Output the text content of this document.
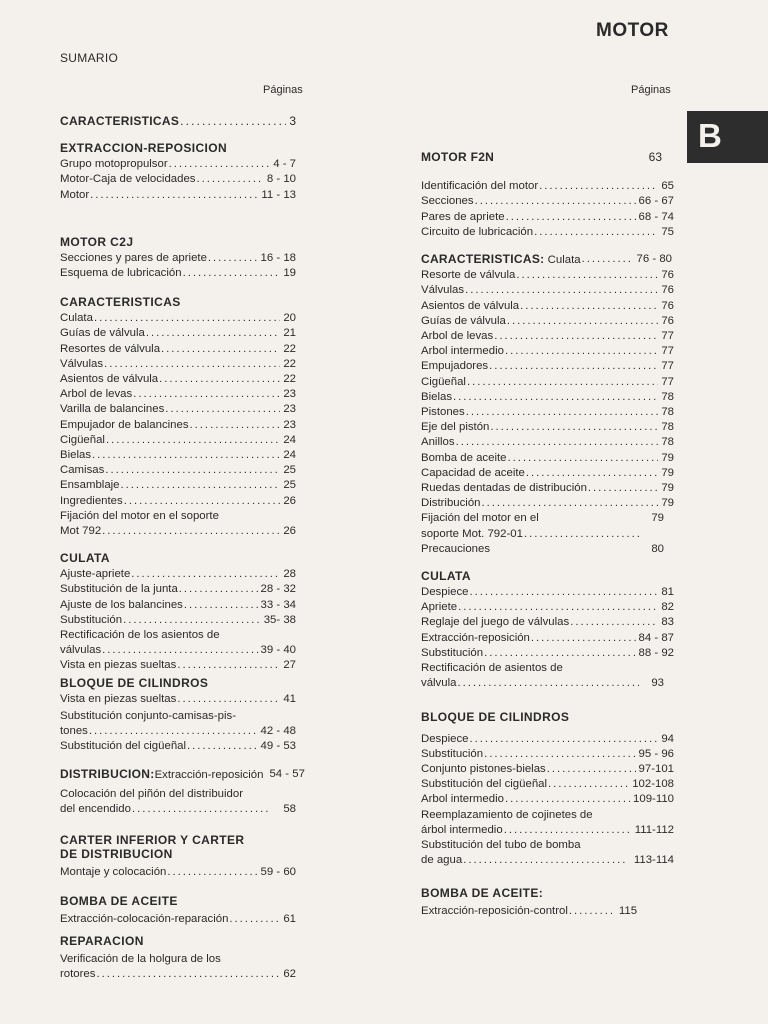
MOTOR
B
SUMARIO
Páginas	Páginas
CARACTERISTICAS . . .	3
EXTRACCION-REPOSICION
Grupo motopropulsor . . .	4 - 7
Motor-Caja de velocidades . . .	8 - 10
Motor . . .	11 - 13
MOTOR C2J
Secciones y pares de apriete . . .	16 - 18
Esquema de lubricación . . .	19
CARACTERISTICAS
Culata . . .	20
Guías de válvula . . .	21
Resortes de válvula . . .	22
Válvulas . . .	22
Asientos de válvula . . .	22
Arbol de levas . . .	23
Varilla de balancines . . .	23
Empujador de balancines . . .	23
Cigüeñal . . .	24
Bielas . . .	24
Camisas . . .	25
Ensamblaje . . .	25
Ingredientes . . .	26
Fijación del motor en el soporte
Mot 792 . . .	26
CULATA
Ajuste-apriete . . .	28
Substitución de la junta . . .	28 - 32
Ajuste de los balancines . . .	33 - 34
Substitución . . .	35- 38
Rectificación de los asientos de
válvulas . . .	39 - 40
Vista en piezas sueltas . . .	27
BLOQUE DE CILINDROS
Vista en piezas sueltas . . .	41
Substitución conjunto-camisas-pis-
tones . . .	42 - 48
Substitución del cigüeñal . . .	49 - 53
DISTRIBUCION:Extracción-reposición 54 - 57
Colocación del piñón del distribuidor
del encendido . . .	58
CARTER INFERIOR Y CARTER
DE DISTRIBUCION
Montaje y colocación . . .	59 - 60
BOMBA DE ACEITE
Extracción-colocación-reparación . . .	61
REPARACION
Verificación de la holgura de los
rotores . . .	62
MOTOR F2N	63
Identificación del motor . . .	65
Secciones . . .	66 - 67
Pares de apriete . . .	68 - 74
Circuito de lubricación . . .	75
CARACTERISTICAS: Culata . . .	76 - 80
Resorte de válvula . . .	76
Válvulas . . .	76
Asientos de válvula . . .	76
Guías de válvula . . .	76
Arbol de levas . . .	77
Arbol intermedio . . .	77
Empujadores . . .	77
Cigüeñal . . .	77
Bielas . . .	78
Pistones . . .	78
Eje del pistón . . .	78
Anillos . . .	78
Bomba de aceite . . .	79
Capacidad de aceite . . .	79
Ruedas dentadas de distribución . . .	79
Distribución . . .	79
Fijación del motor en el	79
soporte Mot. 792-01
. . .
Precauciones	80
CULATA
Despiece . . .	81
Apriete . . .	82
Reglaje del juego de válvulas . . .	83
Extracción-reposición . . .	84 - 87
Substitución . . .	88 - 92
Rectificación de asientos de
válvula . . .	93
BLOQUE DE CILINDROS
Despiece . . .	94
Substitución . . .	95 - 96
Conjunto pistones-bielas . . .	97-101
Substitución del cigüeñal . . .	102-108
Arbol intermedio . . .	109-110
Reemplazamiento de cojinetes de
árbol intermedio . . .	111-112
Substitución del tubo de bomba
de agua . . .	113-114
BOMBA DE ACEITE:
Extracción-reposición-control . . .	115
